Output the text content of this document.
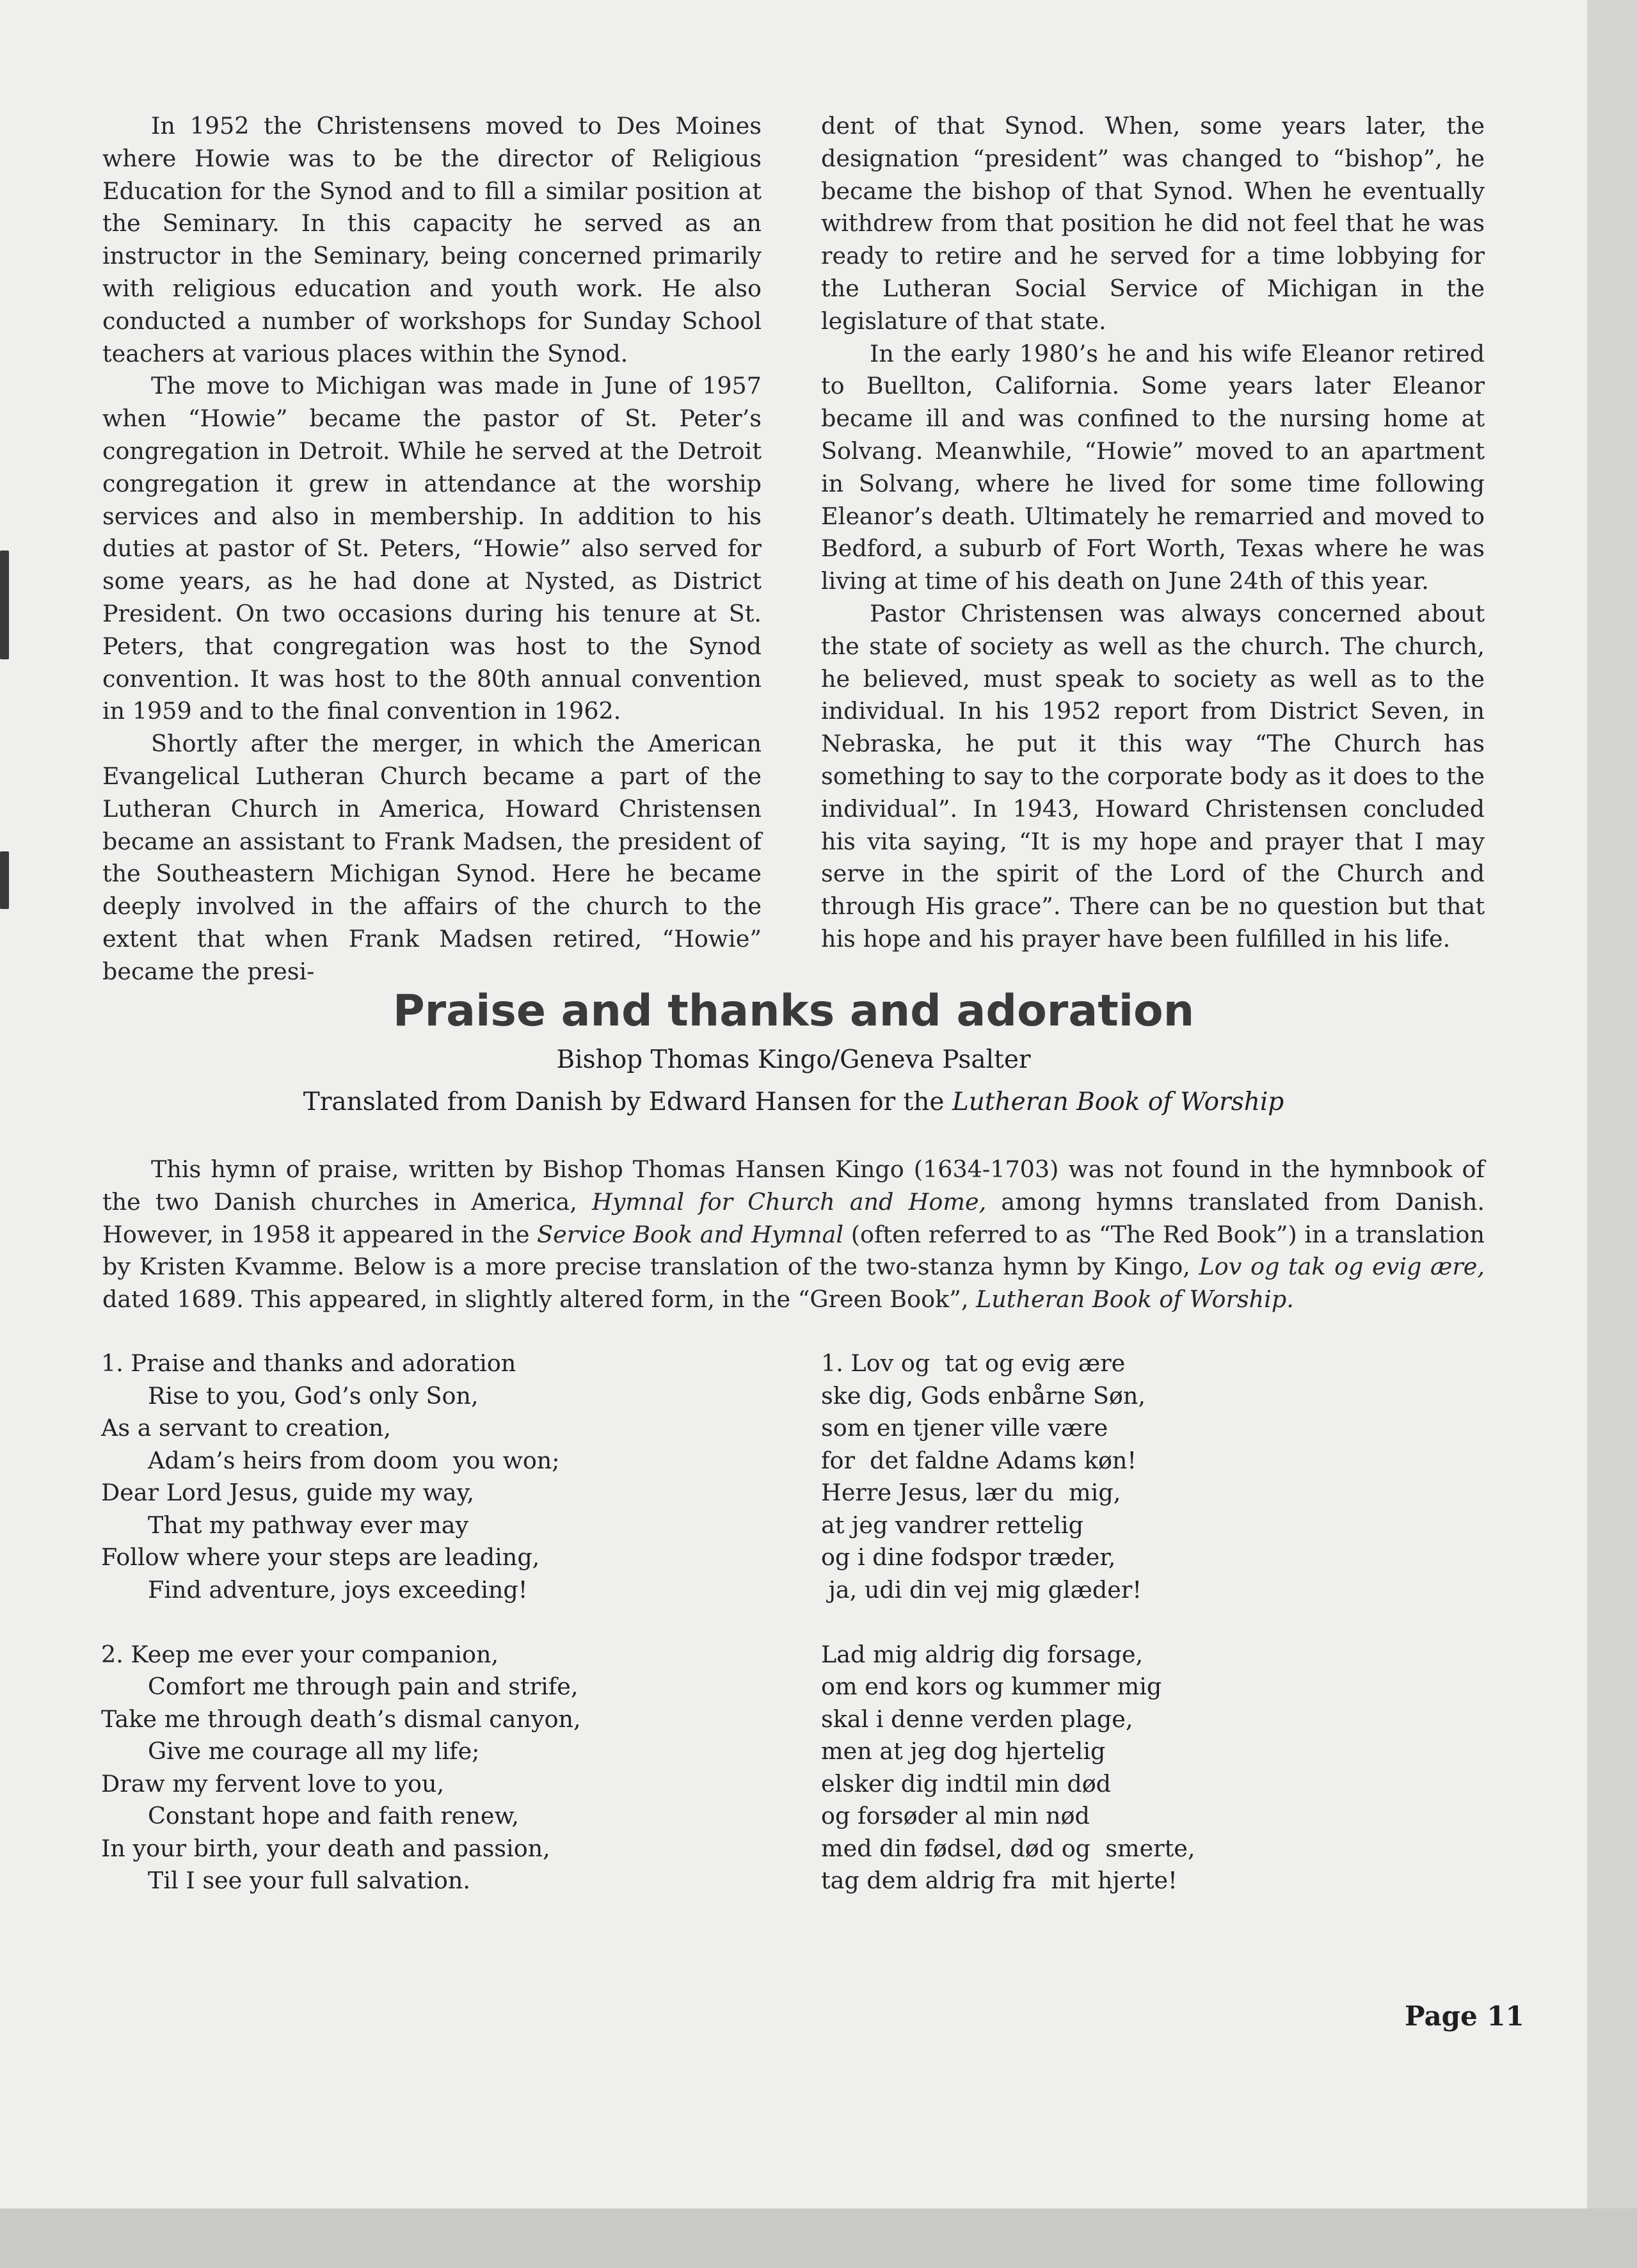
In 1952 the Christensens moved to Des Moines where Howie was to be the director of Religious Education for the Synod and to fill a similar position at the Seminary. In this capacity he served as an instructor in the Seminary, being concerned primarily with religious education and youth work. He also conducted a number of workshops for Sunday School teachers at various places within the Synod.

The move to Michigan was made in June of 1957 when “Howie” became the pastor of St. Peter’s congregation in Detroit. While he served at the Detroit congregation it grew in attendance at the worship services and also in membership. In addition to his duties at pastor of St. Peters, “Howie” also served for some years, as he had done at Nysted, as District President. On two occasions during his tenure at St. Peters, that congregation was host to the Synod convention. It was host to the 80th annual convention in 1959 and to the final convention in 1962.

Shortly after the merger, in which the American Evangelical Lutheran Church became a part of the Lutheran Church in America, Howard Christensen became an assistant to Frank Madsen, the president of the Southeastern Michigan Synod. Here he became deeply involved in the affairs of the church to the extent that when Frank Madsen retired, “Howie” became the presi-

dent of that Synod. When, some years later, the designation “president” was changed to “bishop”, he became the bishop of that Synod. When he eventually withdrew from that position he did not feel that he was ready to retire and he served for a time lobbying for the Lutheran Social Service of Michigan in the legislature of that state.

In the early 1980’s he and his wife Eleanor retired to Buellton, California. Some years later Eleanor became ill and was confined to the nursing home at Solvang. Meanwhile, “Howie” moved to an apartment in Solvang, where he lived for some time following Eleanor’s death. Ultimately he remarried and moved to Bedford, a suburb of Fort Worth, Texas where he was living at time of his death on June 24th of this year.

Pastor Christensen was always concerned about the state of society as well as the church. The church, he believed, must speak to society as well as to the individual. In his 1952 report from District Seven, in Nebraska, he put it this way “The Church has something to say to the corporate body as it does to the individual”. In 1943, Howard Christensen concluded his vita saying, “It is my hope and prayer that I may serve in the spirit of the Lord of the Church and through His grace”. There can be no question but that his hope and his prayer have been fulfilled in his life.

Praise and thanks and adoration
Bishop Thomas Kingo/Geneva Psalter
Translated from Danish by Edward Hansen for the Lutheran Book of Worship

This hymn of praise, written by Bishop Thomas Hansen Kingo (1634-1703) was not found in the hymnbook of the two Danish churches in America, Hymnal for Church and Home, among hymns translated from Danish. However, in 1958 it appeared in the Service Book and Hymnal (often referred to as “The Red Book”) in a translation by Kristen Kvamme. Below is a more precise translation of the two-stanza hymn by Kingo, Lov og tak og evig ære, dated 1689. This appeared, in slightly altered form, in the “Green Book”, Lutheran Book of Worship.

1. Praise and thanks and adoration
Rise to you, God’s only Son,
As a servant to creation,
Adam’s heirs from doom  you won;
Dear Lord Jesus, guide my way,
That my pathway ever may
Follow where your steps are leading,
Find adventure, joys exceeding!
2. Keep me ever your companion,
Comfort me through pain and strife,
Take me through death’s dismal canyon,
Give me courage all my life;
Draw my fervent love to you,
Constant hope and faith renew,
In your birth, your death and passion,
Til I see your full salvation.
1. Lov og  tat og evig ære
ske dig, Gods enbårne Søn,
som en tjener ville være
for  det faldne Adams køn!
Herre Jesus, lær du  mig,
at jeg vandrer rettelig
og i dine fodspor træder,
ja, udi din vej mig glæder!
Lad mig aldrig dig forsage,
om end kors og kummer mig
skal i denne verden plage,
men at jeg dog hjertelig
elsker dig indtil min død
og forsøder al min nød
med din fødsel, død og  smerte,
tag dem aldrig fra  mit hjerte!
Page 11
